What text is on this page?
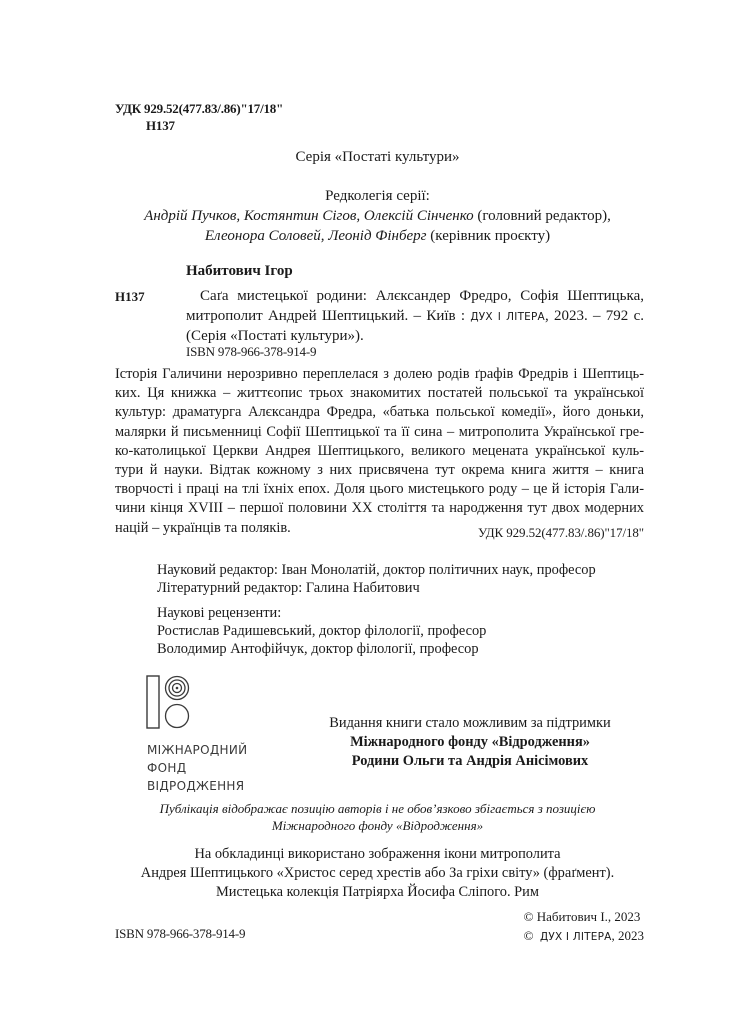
УДК 929.52(477.83/.86)"17/18"
Н137
Серія «Постаті культури»
Редколегія серії:
Андрій Пучков, Костянтин Сігов, Олексій Сінченко (головний редактор),
Елеонора Соловей, Леонід Фінберг (керівник проєкту)
Набитович Ігор
Н137	Саґа мистецької родини: Алєксандер Фредро, Софія Шептицька,
митрополит Андрей Шептицький. – Київ : ДУХ І ЛІТЕРА, 2023. – 792 с.
(Серія «Постаті культури»).
ISBN 978-966-378-914-9
Історія Галичини нерозривно переплелася з долею родів ґрафів Фредрів і Шептиць-
ких. Ця книжка – життєопис трьох знакомитих постатей польської та української
культур: драматурга Алєксандра Фредра, «батька польської комедії», його доньки,
малярки й письменниці Софії Шептицької та її сина – митрополита Української гре-
ко-католицької Церкви Андрея Шептицького, великого мецената української куль-
тури й науки. Відтак кожному з них присвячена тут окрема книга життя – книга
творчості і праці на тлі їхніх епох. Доля цього мистецького роду – це й історія Гали-
чини кінця XVIII – першої половини XX століття та народження тут двох модерних
націй – українців та поляків.	УДК 929.52(477.83/.86)"17/18"
Науковий редактор: Іван Монолатій, доктор політичних наук, професор
Літературний редактор: Галина Набитович
Наукові рецензенти:
Ростислав Радишевський, доктор філології, професор
Володимир Антофійчук, доктор філології, професор
МІЖНАРОДНИЙ
ФОНД
ВІДРОДЖЕННЯ
Видання книги стало можливим за підтримки
Міжнародного фонду «Відродження»
Родини Ольги та Андрія Анісімових
Публікація відображає позицію авторів і не обов’язково збігається з позицією
Міжнародного фонду «Відродження»
На обкладинці використано зображення ікони митрополита
Андрея Шептицького «Христос серед хрестів або За гріхи світу» (фраґмент).
Мистецька колекція Патріярха Йосифа Сліпого. Рим
© Набитович І., 2023
©  ДУХ І ЛІТЕРА, 2023
ISBN 978-966-378-914-9
